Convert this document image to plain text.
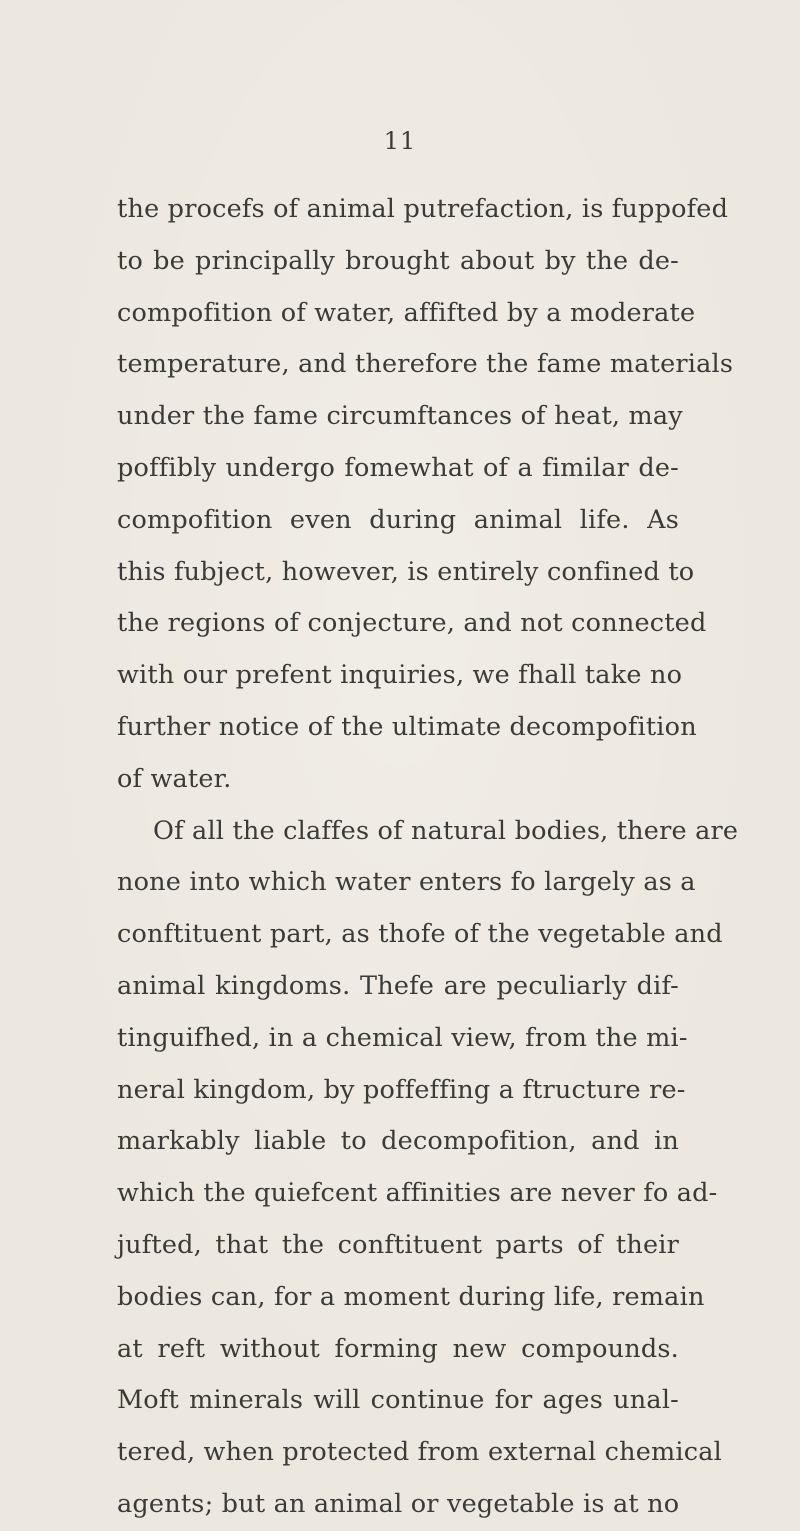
11
the procefs of animal putrefaction, is fuppofed
to be principally brought about by the de-
compofition of water, affifted by a moderate
temperature, and therefore the fame materials
under the fame circumftances of heat, may
poffibly undergo fomewhat of a fimilar de-
compofition even during animal life. As
this fubject, however, is entirely confined to
the regions of conjecture, and not connected
with our prefent inquiries, we fhall take no
further notice of the ultimate decompofition
of water.
Of all the claffes of natural bodies, there are
none into which water enters fo largely as a
conftituent part, as thofe of the vegetable and
animal kingdoms. Thefe are peculiarly dif-
tinguifhed, in a chemical view, from the mi-
neral kingdom, by poffeffing a ftructure re-
markably liable to decompofition, and in
which the quiefcent affinities are never fo ad-
jufted, that the conftituent parts of their
bodies can, for a moment during life, remain
at reft without forming new compounds.
Moft minerals will continue for ages unal-
tered, when protected from external chemical
agents; but an animal or vegetable is at no
